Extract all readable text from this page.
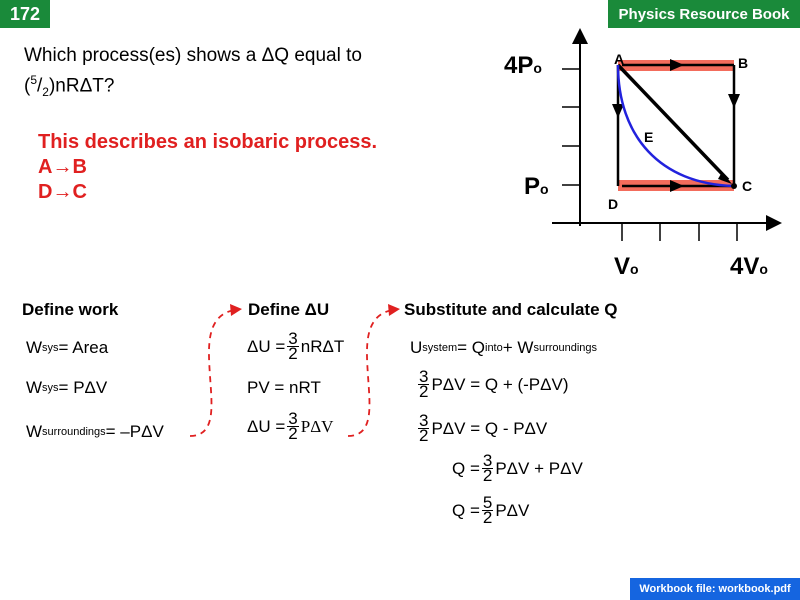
172	Physics Resource Book
Which process(es) shows a ΔQ equal to
$(^5/_2)nR\Delta T$?
This describes an isobaric process.
A→B
D→C
A	B
C
D
E
4Po
Po
Vo	4Vo
Define work
W sys = Area
W sys = PΔV
W surroundings = –PΔV
Define ΔU
$\Delta U = \frac{3}{2}$ nRΔT
PV = nRT
$\Delta U = \frac{3}{2}$ PΔV
Substitute and calculate Q
U system = Q into + W surroundings
$\frac{3}{2}$ PΔV = Q + (-PΔV)
$\frac{3}{2}$ PΔV = Q - PΔV
$Q = \frac{3}{2}$ PΔV + PΔV
$Q = \frac{5}{2}$ PΔV
Workbook file: workbook.pdf
